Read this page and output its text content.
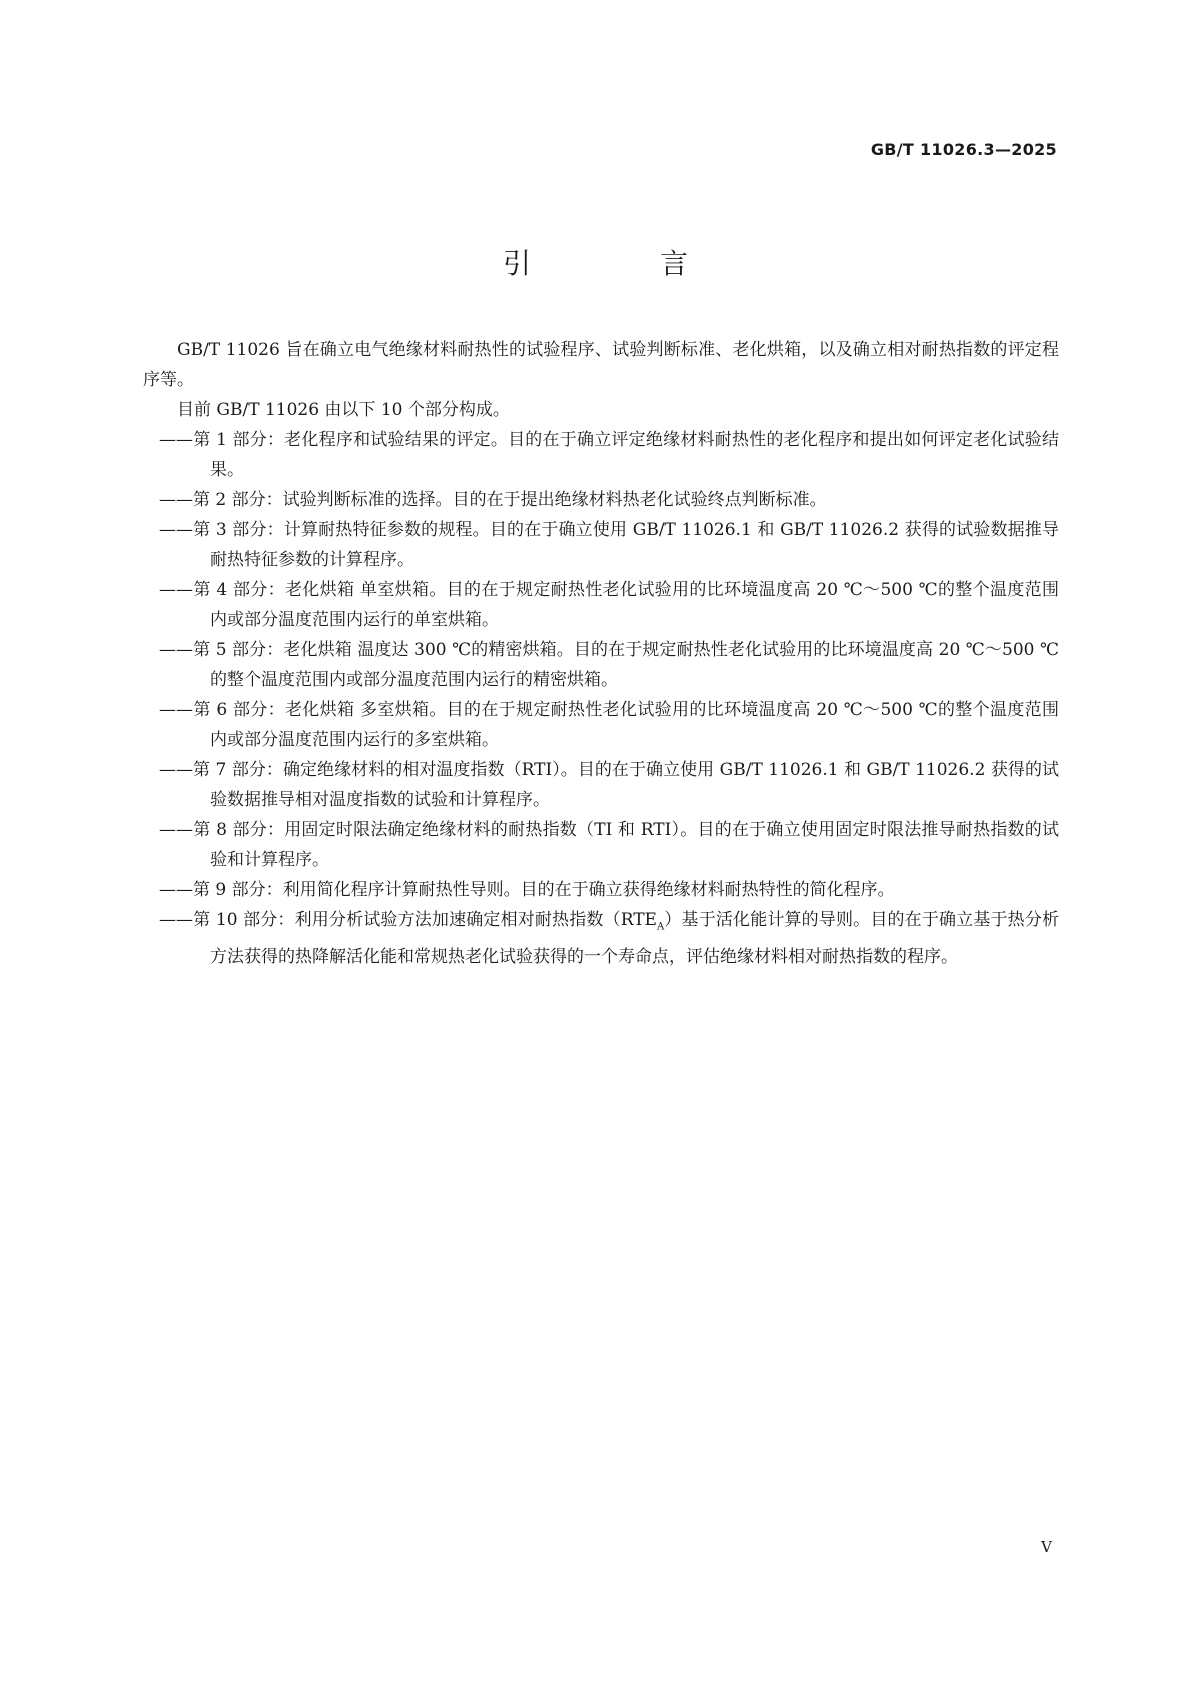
GB/T 11026.3—2025
引 言

GB/T 11026 旨在确立电气绝缘材料耐热性的试验程序、试验判断标准、老化烘箱，以及确立相对耐热指数的评定程序等。

目前 GB/T 11026 由以下 10 个部分构成。

——第 1 部分：老化程序和试验结果的评定。目的在于确立评定绝缘材料耐热性的老化程序和提出如何评定老化试验结果。

——第 2 部分：试验判断标准的选择。目的在于提出绝缘材料热老化试验终点判断标准。

——第 3 部分：计算耐热特征参数的规程。目的在于确立使用 GB/T 11026.1 和 GB/T 11026.2 获得的试验数据推导耐热特征参数的计算程序。

——第 4 部分：老化烘箱 单室烘箱。目的在于规定耐热性老化试验用的比环境温度高 20 ℃～500 ℃的整个温度范围内或部分温度范围内运行的单室烘箱。

——第 5 部分：老化烘箱 温度达 300 ℃的精密烘箱。目的在于规定耐热性老化试验用的比环境温度高 20 ℃～500 ℃的整个温度范围内或部分温度范围内运行的精密烘箱。

——第 6 部分：老化烘箱 多室烘箱。目的在于规定耐热性老化试验用的比环境温度高 20 ℃～500 ℃的整个温度范围内或部分温度范围内运行的多室烘箱。

——第 7 部分：确定绝缘材料的相对温度指数（RTI）。目的在于确立使用 GB/T 11026.1 和 GB/T 11026.2 获得的试验数据推导相对温度指数的试验和计算程序。

——第 8 部分：用固定时限法确定绝缘材料的耐热指数（TI 和 RTI）。目的在于确立使用固定时限法推导耐热指数的试验和计算程序。

——第 9 部分：利用简化程序计算耐热性导则。目的在于确立获得绝缘材料耐热特性的简化程序。

——第 10 部分：利用分析试验方法加速确定相对耐热指数$(RTE_A)$基于活化能计算的导则。目的在于确立基于热分析方法获得的热降解活化能和常规热老化试验获得的一个寿命点，评估绝缘材料相对耐热指数的程序。

V
